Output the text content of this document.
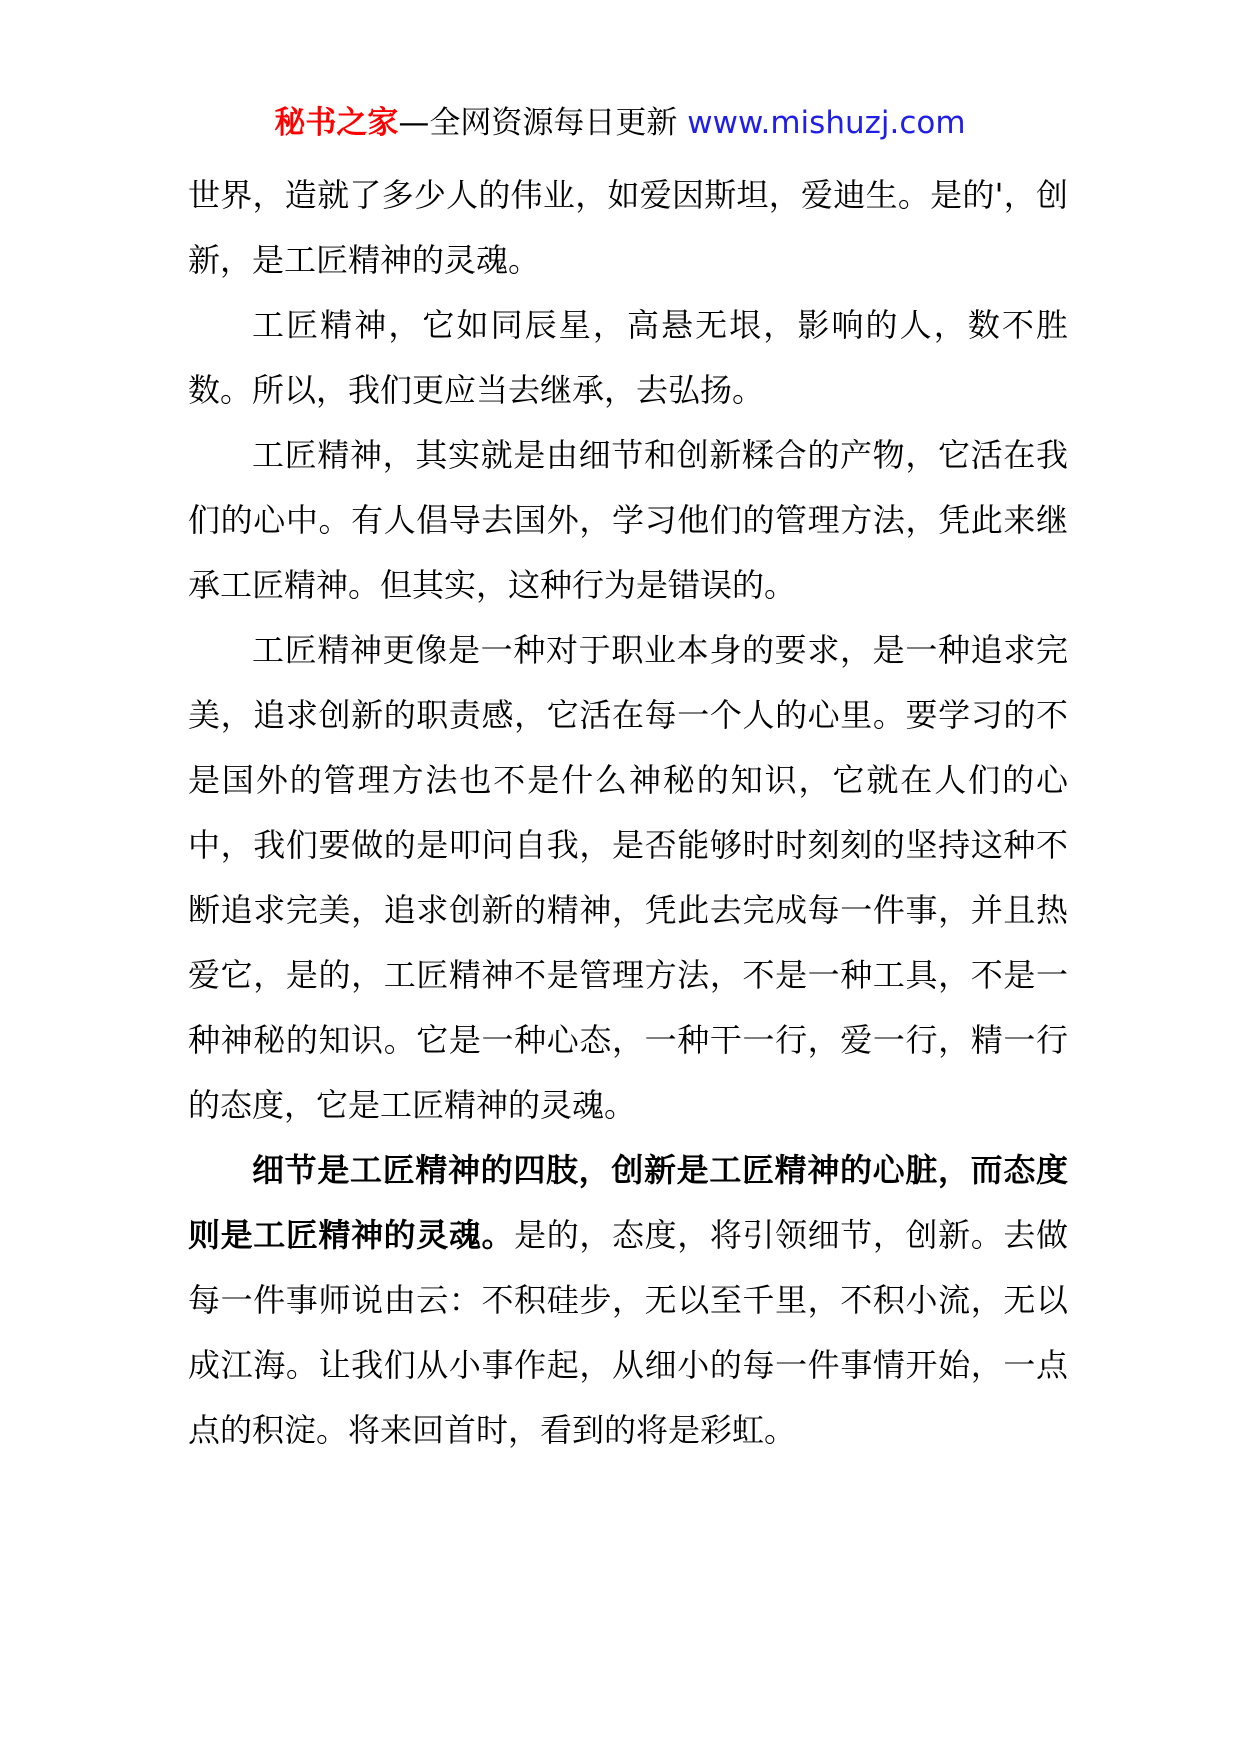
秘书之家—全网资源每日更新 www.mishuzj.com

世界，造就了多少人的伟业，如爱因斯坦，爱迪生。是的'，创新，是工匠精神的灵魂。

工匠精神，它如同辰星，高悬无垠，影响的人，数不胜数。所以，我们更应当去继承，去弘扬。

工匠精神，其实就是由细节和创新糅合的产物，它活在我们的心中。有人倡导去国外，学习他们的管理方法，凭此来继承工匠精神。但其实，这种行为是错误的。

工匠精神更像是一种对于职业本身的要求，是一种追求完美，追求创新的职责感，它活在每一个人的心里。要学习的不是国外的管理方法也不是什么神秘的知识，它就在人们的心中，我们要做的是叩问自我，是否能够时时刻刻的坚持这种不断追求完美，追求创新的精神，凭此去完成每一件事，并且热爱它，是的，工匠精神不是管理方法，不是一种工具，不是一种神秘的知识。它是一种心态，一种干一行，爱一行，精一行的态度，它是工匠精神的灵魂。

细节是工匠精神的四肢，创新是工匠精神的心脏，而态度则是工匠精神的灵魂。是的，态度，将引领细节，创新。去做每一件事师说由云：不积硅步，无以至千里，不积小流，无以成江海。让我们从小事作起，从细小的每一件事情开始，一点点的积淀。将来回首时，看到的将是彩虹。
